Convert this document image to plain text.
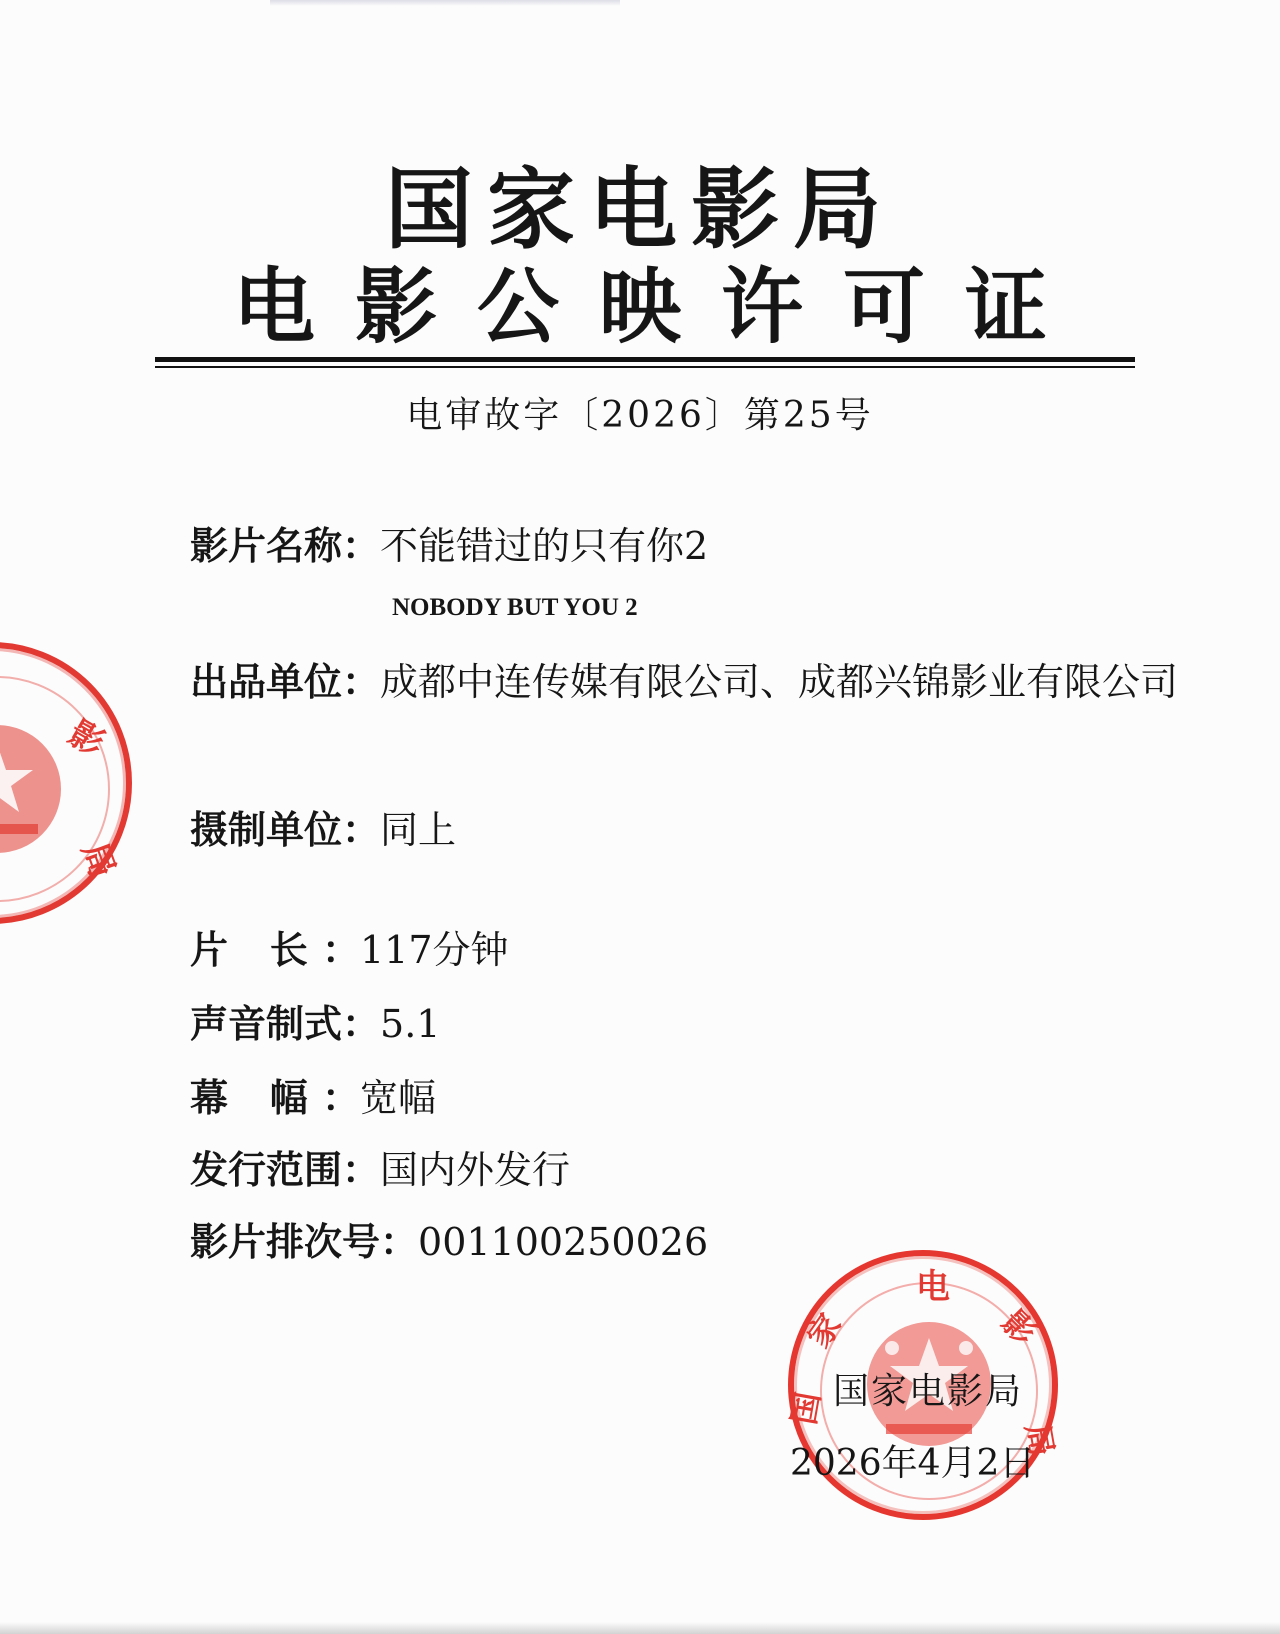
国家电影局
电影公映许可证
电审故字〔2026〕第25号
影片名称：不能错过的只有你2
NOBODY BUT YOU 2
出品单位：成都中连传媒有限公司、成都兴锦影业有限公司
摄制单位：同上
片 长：117分钟
声音制式：5.1
幕 幅：宽幅
发行范围：国内外发行
影片排次号：001100250026
影
局
电
家	影
国
局
国家电影局
2026年4月2日
